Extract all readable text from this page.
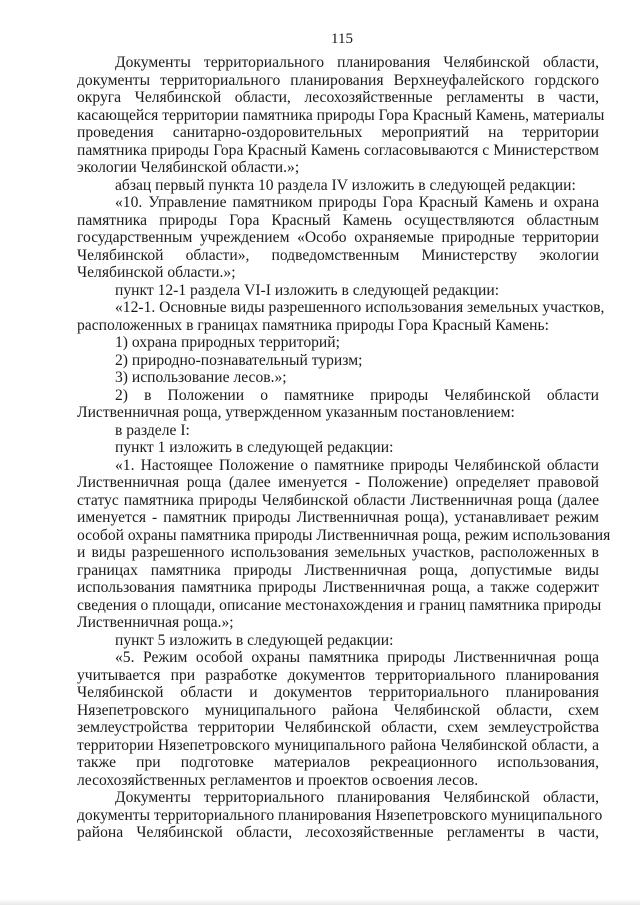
115

Документы территориального планирования Челябинской области,
документы территориального планирования Верхнеуфалейского гордского
округа Челябинской области, лесохозяйственные регламенты в части,
касающейся территории памятника природы Гора Красный Камень, материалы
проведения санитарно-оздоровительных мероприятий на территории
памятника природы Гора Красный Камень согласовываются с Министерством
экологии Челябинской области.»;

абзац первый пункта 10 раздела IV изложить в следующей редакции:

«10. Управление памятником природы Гора Красный Камень и охрана
памятника природы Гора Красный Камень осуществляются областным
государственным учреждением «Особо охраняемые природные территории
Челябинской области», подведомственным Министерству экологии
Челябинской области.»;

пункт 12-1 раздела VI-I изложить в следующей редакции:

«12-1. Основные виды разрешенного использования земельных участков,
расположенных в границах памятника природы Гора Красный Камень:

1) охрана природных территорий;

2) природно-познавательный туризм;

3) использование лесов.»;

2) в Положении о памятнике природы Челябинской области
Лиственничная роща, утвержденном указанным постановлением:

в разделе I:

пункт 1 изложить в следующей редакции:

«1. Настоящее Положение о памятнике природы Челябинской области
Лиственничная роща (далее именуется - Положение) определяет правовой
статус памятника природы Челябинской области Лиственничная роща (далее
именуется - памятник природы Лиственничная роща), устанавливает режим
особой охраны памятника природы Лиственничная роща, режим использования
и виды разрешенного использования земельных участков, расположенных в
границах памятника природы Лиственничная роща, допустимые виды
использования памятника природы Лиственничная роща, а также содержит
сведения о площади, описание местонахождения и границ памятника природы
Лиственничная роща.»;

пункт 5 изложить в следующей редакции:

«5. Режим особой охраны памятника природы Лиственничная роща
учитывается при разработке документов территориального планирования
Челябинской области и документов территориального планирования
Нязепетровского муниципального района Челябинской области, схем
землеустройства территории Челябинской области, схем землеустройства
территории Нязепетровского муниципального района Челябинской области, а
также при подготовке материалов рекреационного использования,
лесохозяйственных регламентов и проектов освоения лесов.

Документы территориального планирования Челябинской области,
документы территориального планирования Нязепетровского муниципального
района Челябинской области, лесохозяйственные регламенты в части,
